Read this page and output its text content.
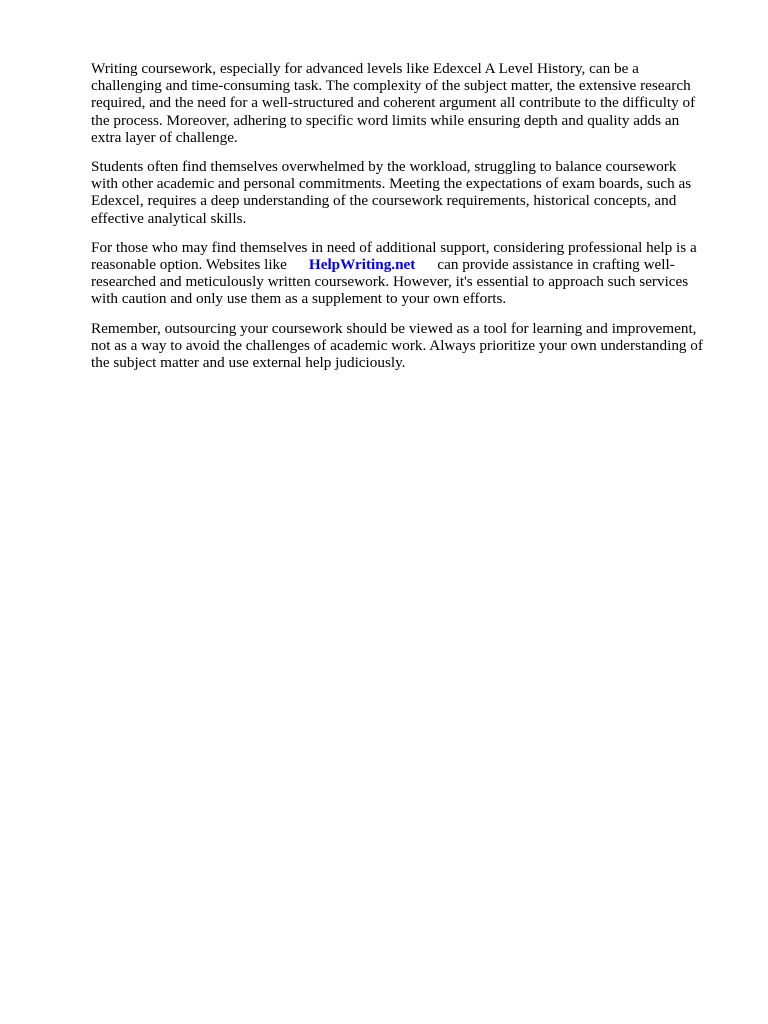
Writing coursework, especially for advanced levels like Edexcel A Level History, can be a
challenging and time-consuming task. The complexity of the subject matter, the extensive research
required, and the need for a well-structured and coherent argument all contribute to the difficulty of
the process. Moreover, adhering to specific word limits while ensuring depth and quality adds an
extra layer of challenge.

Students often find themselves overwhelmed by the workload, struggling to balance coursework
with other academic and personal commitments. Meeting the expectations of exam boards, such as
Edexcel, requires a deep understanding of the coursework requirements, historical concepts, and
effective analytical skills.

For those who may find themselves in need of additional support, considering professional help is a
reasonable option. Websites like HelpWriting.net can provide assistance in crafting well-
researched and meticulously written coursework. However, it's essential to approach such services
with caution and only use them as a supplement to your own efforts.

Remember, outsourcing your coursework should be viewed as a tool for learning and improvement,
not as a way to avoid the challenges of academic work. Always prioritize your own understanding of
the subject matter and use external help judiciously.
